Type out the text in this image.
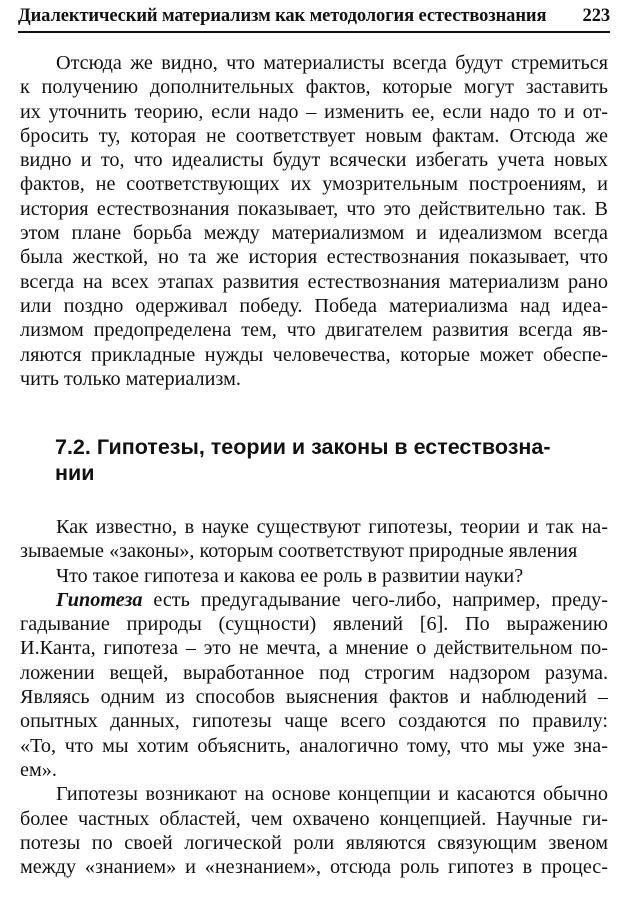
Диалектический материализм как методология естествознания 223
Отсюда же видно, что материалисты всегда будут стремиться
к получению дополнительных фактов, которые могут заставить
их уточнить теорию, если надо – изменить ее, если надо то и от-
бросить ту, которая не соответствует новым фактам. Отсюда же
видно и то, что идеалисты будут всячески избегать учета новых
фактов, не соответствующих их умозрительным построениям, и
история естествознания показывает, что это действительно так. В
этом плане борьба между материализмом и идеализмом всегда
была жесткой, но та же история естествознания показывает, что
всегда на всех этапах развития естествознания материализм рано
или поздно одерживал победу. Победа материализма над идеа-
лизмом предопределена тем, что двигателем развития всегда яв-
ляются прикладные нужды человечества, которые может обеспе-
чить только материализм.
7.2. Гипотезы, теории и законы в естествозна-
нии
Как известно, в науке существуют гипотезы, теории и так на-
зываемые «законы», которым соответствуют природные явления
Что такое гипотеза и какова ее роль в развитии науки?
Гипотеза есть предугадывание чего-либо, например, преду-
гадывание природы (сущности) явлений [6]. По выражению
И.Канта, гипотеза – это не мечта, а мнение о действительном по-
ложении вещей, выработанное под строгим надзором разума.
Являясь одним из способов выяснения фактов и наблюдений –
опытных данных, гипотезы чаще всего создаются по правилу:
«То, что мы хотим объяснить, аналогично тому, что мы уже зна-
ем».
Гипотезы возникают на основе концепции и касаются обычно
более частных областей, чем охвачено концепцией. Научные ги-
потезы по своей логической роли являются связующим звеном
между «знанием» и «незнанием», отсюда роль гипотез в процес-
